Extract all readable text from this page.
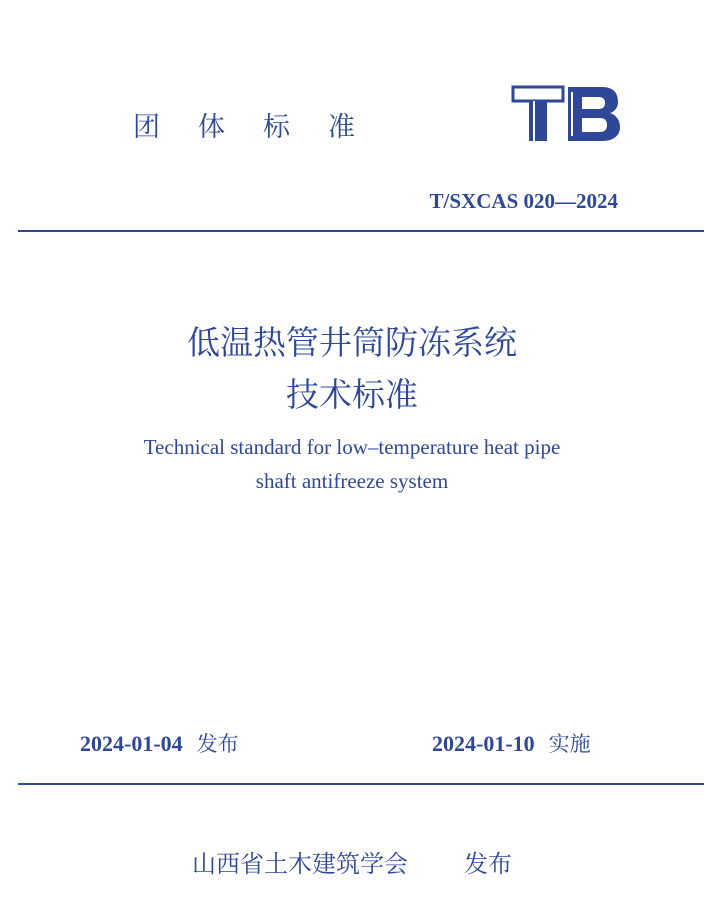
团体标准
T/SXCAS 020—2024
低温热管井筒防冻系统
技术标准
Technical standard for low–temperature heat pipe
shaft antifreeze system
2024-01-04 发布	2024-01-10 实施
山西省土木建筑学会 发布
